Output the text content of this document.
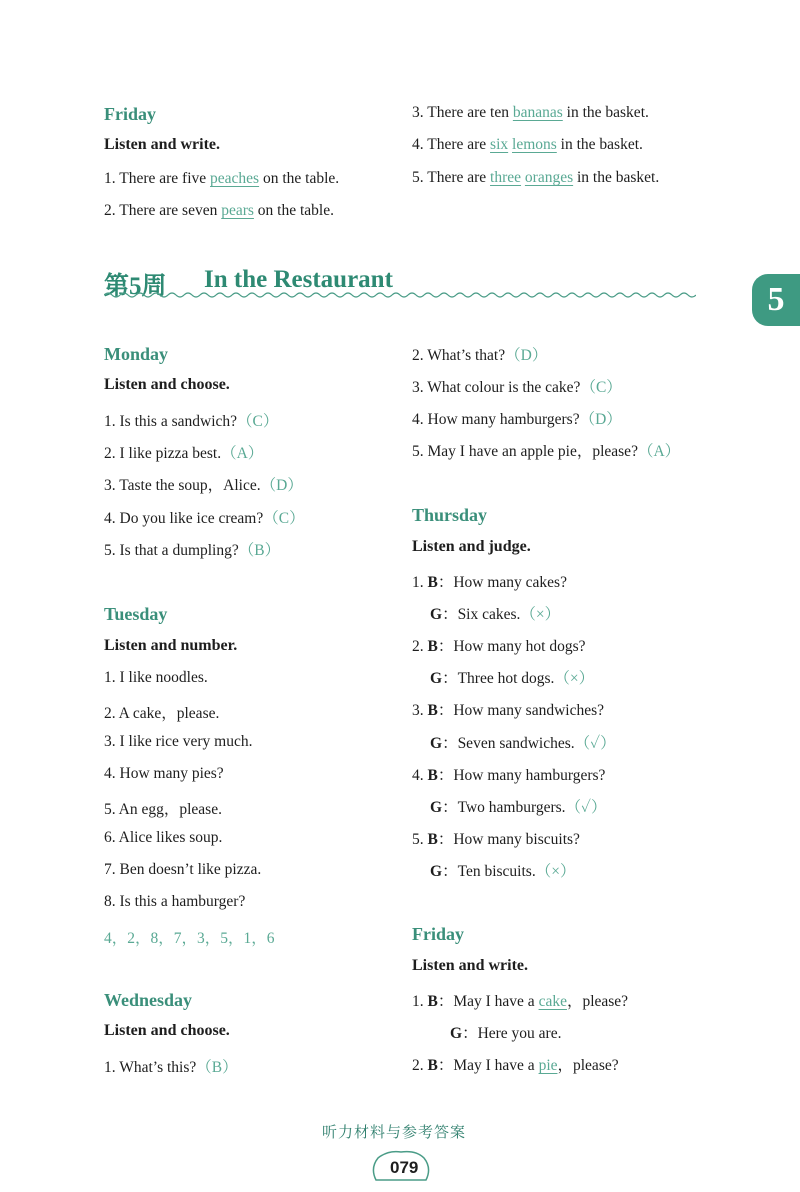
Friday
Listen and write.
1. There are five peaches on the table.
2. There are seven pears on the table.
3. There are ten bananas in the basket.
4. There are six lemons in the basket.
5. There are three oranges in the basket.
第5周 In the Restaurant
5
Monday
Listen and choose.
1. Is this a sandwich?（C）
2. I like pizza best.（A）
3. Taste the soup，Alice.（D）
4. Do you like ice cream?（C）
5. Is that a dumpling?（B）
Tuesday
Listen and number.
1. I like noodles.
2. A cake，please.
3. I like rice very much.
4. How many pies?
5. An egg，please.
6. Alice likes soup.
7. Ben doesn’t like pizza.
8. Is this a hamburger?
4，2，8，7，3，5，1，6
Wednesday
Listen and choose.
1. What’s this?（B）
2. What’s that?（D）
3. What colour is the cake?（C）
4. How many hamburgers?（D）
5. May I have an apple pie，please?（A）
Thursday
Listen and judge.
1. B：How many cakes?
G：Six cakes.（×）
2. B：How many hot dogs?
G：Three hot dogs.（×）
3. B：How many sandwiches?
G：Seven sandwiches.（✓）
4. B：How many hamburgers?
G：Two hamburgers.（✓）
5. B：How many biscuits?
G：Ten biscuits.（×）
Friday
Listen and write.
1. B：May I have a cake，please?
G：Here you are.
2. B：May I have a pie，please?
听力材料与参考答案
079
